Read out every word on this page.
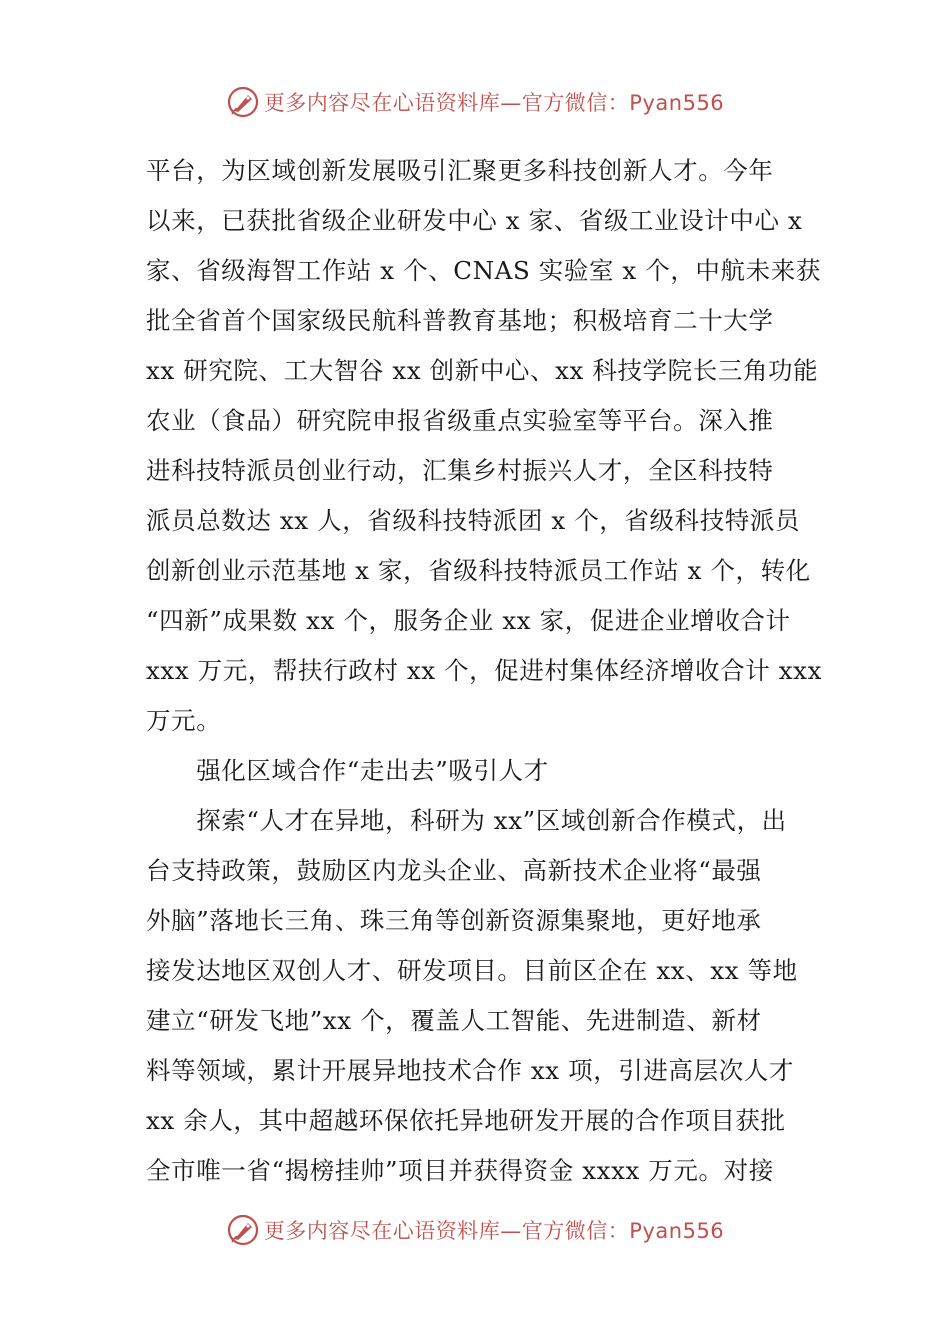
更多内容尽在心语资料库—官方微信：Pyan556
平台，为区域创新发展吸引汇聚更多科技创新人才。今年
以来，已获批省级企业研发中心 x 家、省级工业设计中心 x
家、省级海智工作站 x 个、CNAS 实验室 x 个，中航未来获
批全省首个国家级民航科普教育基地；积极培育二十大学
xx 研究院、工大智谷 xx 创新中心、xx 科技学院长三角功能
农业（食品）研究院申报省级重点实验室等平台。深入推
进科技特派员创业行动，汇集乡村振兴人才，全区科技特
派员总数达 xx 人，省级科技特派团 x 个，省级科技特派员
创新创业示范基地 x 家，省级科技特派员工作站 x 个，转化
“四新”成果数 xx 个，服务企业 xx 家，促进企业增收合计
xxx 万元，帮扶行政村 xx 个，促进村集体经济增收合计 xxx
万元。
　　强化区域合作“走出去”吸引人才
　　探索“人才在异地，科研为 xx”区域创新合作模式，出
台支持政策，鼓励区内龙头企业、高新技术企业将“最强
外脑”落地长三角、珠三角等创新资源集聚地，更好地承
接发达地区双创人才、研发项目。目前区企在 xx、xx 等地
建立“研发飞地”xx 个，覆盖人工智能、先进制造、新材
料等领域，累计开展异地技术合作 xx 项，引进高层次人才
xx 余人，其中超越环保依托异地研发开展的合作项目获批
全市唯一省“揭榜挂帅”项目并获得资金 xxxx 万元。对接
更多内容尽在心语资料库—官方微信：Pyan556
